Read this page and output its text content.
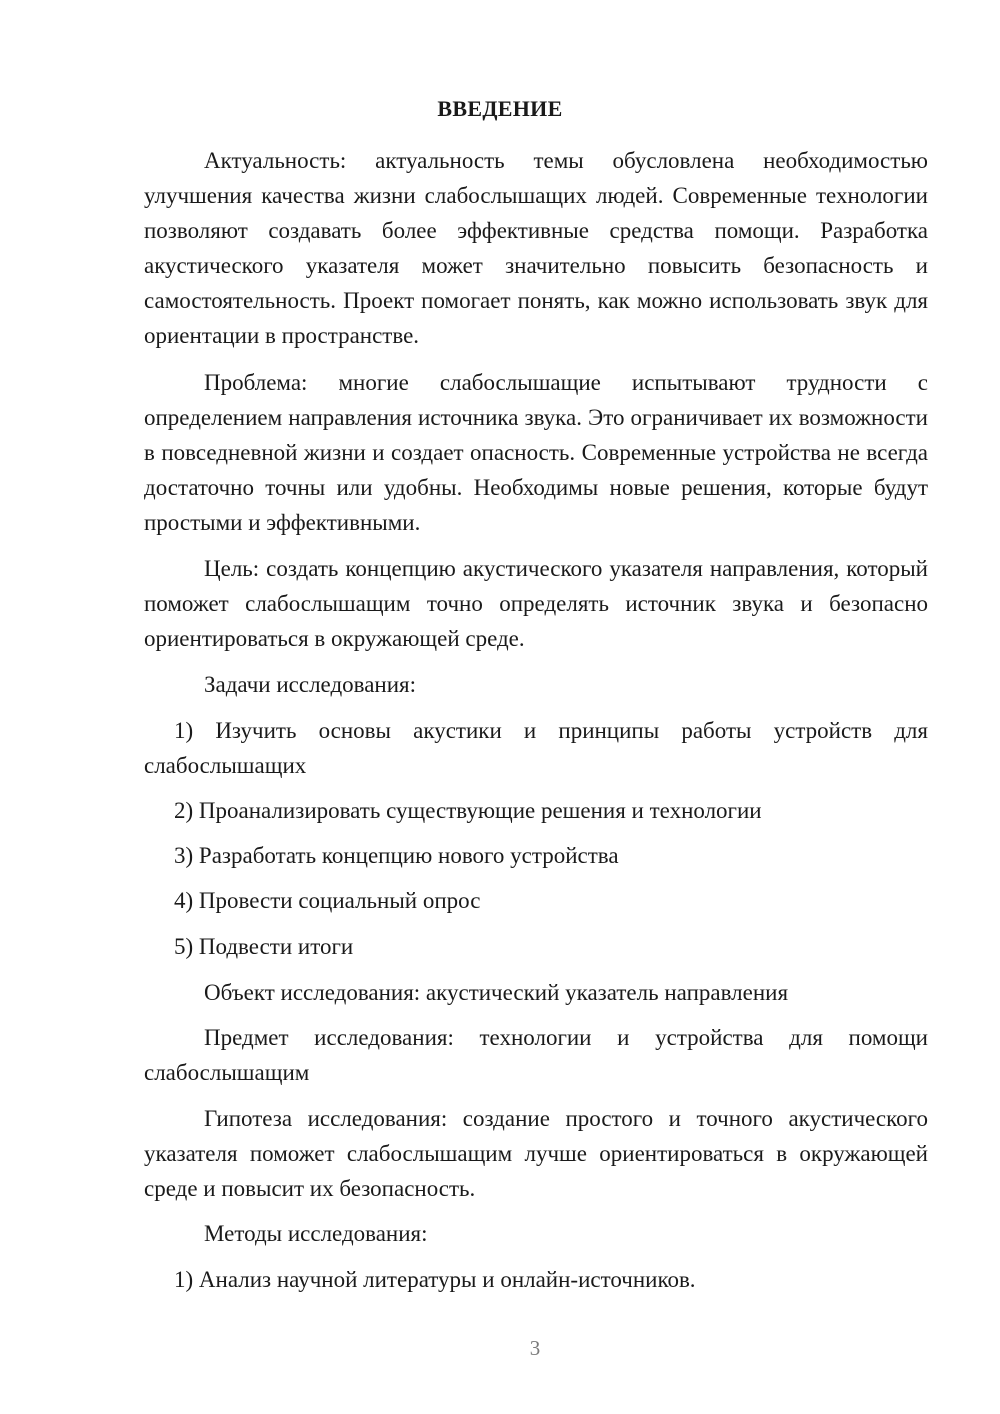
ВВЕДЕНИЕ

Актуальность: актуальность темы обусловлена необходимостью улучшения качества жизни слабослышащих людей. Современные технологии позволяют создавать более эффективные средства помощи. Разработка акустического указателя может значительно повысить безопасность и самостоятельность. Проект помогает понять, как можно использовать звук для ориентации в пространстве.

Проблема: многие слабослышащие испытывают трудности с определением направления источника звука. Это ограничивает их возможности в повседневной жизни и создает опасность. Современные устройства не всегда достаточно точны или удобны. Необходимы новые решения, которые будут простыми и эффективными.

Цель: создать концепцию акустического указателя направления, который поможет слабослышащим точно определять источник звука и безопасно ориентироваться в окружающей среде.

Задачи исследования:

1) Изучить основы акустики и принципы работы устройств для слабослышащих

2) Проанализировать существующие решения и технологии
3) Разработать концепцию нового устройства
4) Провести социальный опрос
5) Подвести итоги
Объект исследования: акустический указатель направления

Предмет исследования: технологии и устройства для помощи слабослышащим

Гипотеза исследования: создание простого и точного акустического указателя поможет слабослышащим лучше ориентироваться в окружающей среде и повысит их безопасность.

Методы исследования:
1) Анализ научной литературы и онлайн-источников.
3
